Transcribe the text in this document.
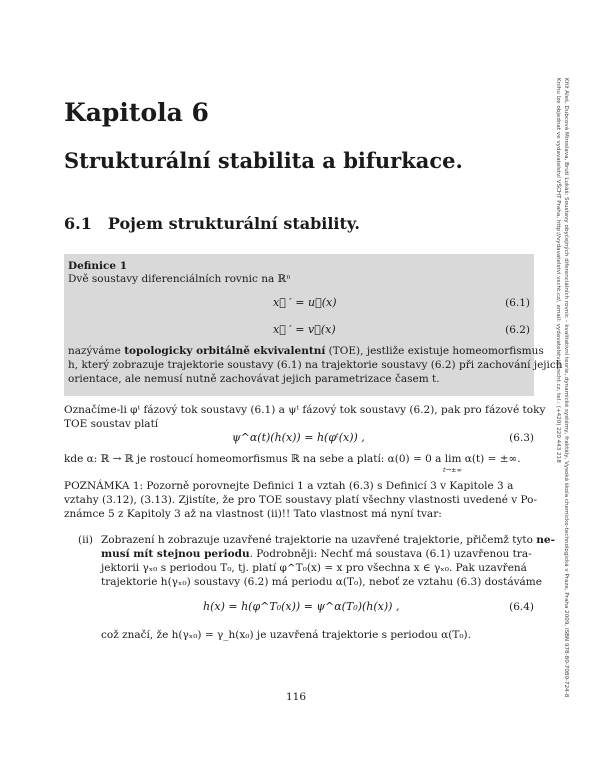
Kapitola 6
Strukturální stabilita a bifurkace.
6.1 Pojem strukturální stability.
Definice 1
Dvě soustavy diferenciálních rovnic na ℝⁿ
x⃗ ′ = u⃗(x)	(6.1)
x⃗ ′ = v⃗(x)	(6.2)
nazýváme topologicky orbitálně ekvivalentní (TOE), jestliže existuje homeomorfismus
h, který zobrazuje trajektorie soustavy (6.1) na trajektorie soustavy (6.2) při zachování jejich
orientace, ale nemusí nutně zachovávat jejich parametrizace časem t.
Označíme-li φᵗ fázový tok soustavy (6.1) a ψᵗ fázový tok soustavy (6.2), pak pro fázové toky
TOE soustav platí
ψ^α(t)(h(x)) = h(φᵗ(x)) ,	(6.3)
kde α: ℝ → ℝ je rostoucí homeomorfismus ℝ na sebe a platí: α(0) = 0 a lim α(t) = ±∞.
t→±∞
POZNÁMKA 1: Pozorně porovnejte Definici 1 a vztah (6.3) s Definicí 3 v Kapitole 3 a
vztahy (3.12), (3.13). Zjistíte, že pro TOE soustavy platí všechny vlastnosti uvedené v Po-
známce 5 z Kapitoly 3 až na vlastnost (ii)!! Tato vlastnost má nyní tvar:
(ii) Zobrazení h zobrazuje uzavřené trajektorie na uzavřené trajektorie, přičemž tyto ne-
musí mít stejnou periodu. Podrobněji: Nechť má soustava (6.1) uzavřenou tra-
jektorii γₓ₀ s periodou T₀, tj. platí φ^T₀(x) = x pro všechna x ∈ γₓ₀. Pak uzavřená
trajektorie h(γₓ₀) soustavy (6.2) má periodu α(T₀), neboť ze vztahu (6.3) dostáváme
h(x) = h(φ^T₀(x)) = ψ^α(T₀)(h(x)) ,	(6.4)
což značí, že h(γₓ₀) = γ_h(x₀) je uzavřená trajektorie s periodou α(T₀).
116	Kříž Aleš, Dubcová Miroslava, Brutl Lukáš: Soustavy obyčejných diferenciálních rovnic – kvalitativní teorie, dynamické systémy, fraktály, Vysoká škola chemicko-technologická v Praze, Praha 2009, ISBN 978-80-7080-724-8
Knihu lze objednat ve vydavatelství VŠCHT Praha, http://vydavatelstvi.vscht.cz/, email: vydavatelstvi@vscht.cz, tel.: (+420) 220 443 218
